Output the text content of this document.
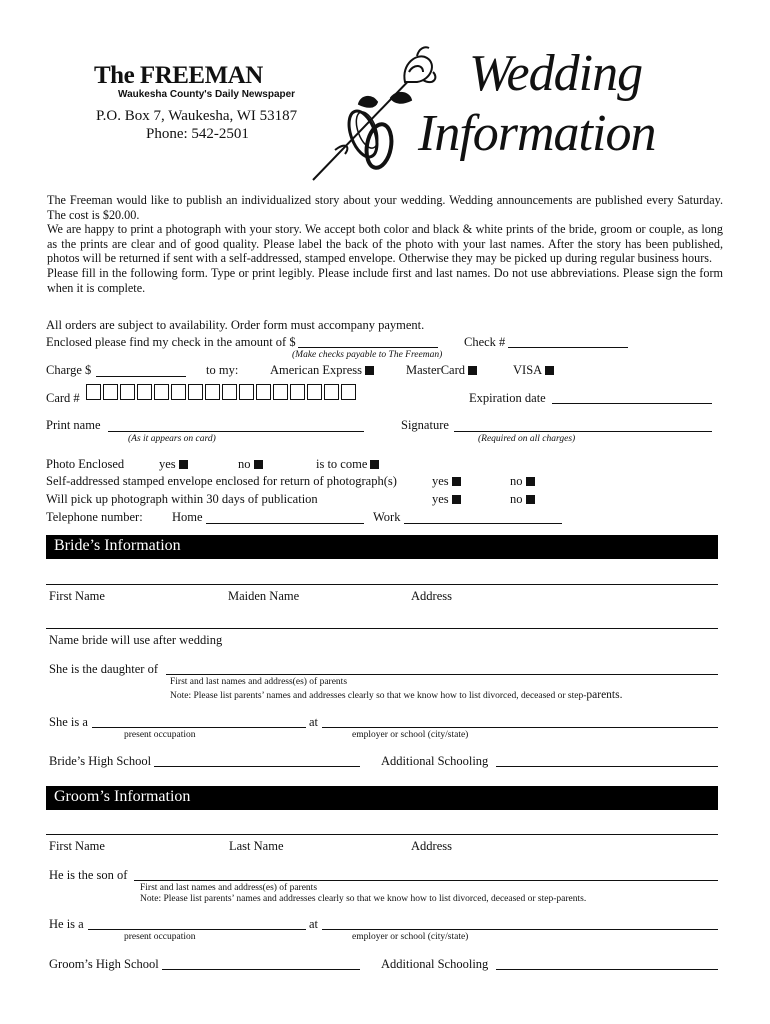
The FREEMAN
Waukesha County's Daily Newspaper
P.O. Box 7, Waukesha, WI 53187
Phone: 542-2501
Wedding
Information

The Freeman would like to publish an individualized story about your wedding. Wedding announcements are published every Saturday. The cost is $20.00.

We are happy to print a photograph with your story. We accept both color and black & white prints of the bride, groom or couple, as long as the prints are clear and of good quality. Please label the back of the photo with your last names. After the story has been published, photos will be returned if sent with a self-addressed, stamped envelope. Otherwise they may be picked up during regular business hours.

Please fill in the following form. Type or print legibly. Please include first and last names. Do not use abbreviations. Please sign the form when it is complete.

All orders are subject to availability. Order form must accompany payment.
Enclosed please find my check in the amount of $	Check #
(Make checks payable to The Freeman)
Charge $	to my:	American Express	MasterCard	VISA
Card #	Expiration date
Print name
(As it appears on card)
Signature
(Required on all charges)
Photo Enclosed	yes	no	is to come
Self-addressed stamped envelope enclosed for return of photograph(s)	yes	no
Will pick up photograph within 30 days of publication	yes	no
Telephone number: Home	Work
Bride’s Information
First Name	Maiden Name	Address
Name bride will use after wedding
She is the daughter of
First and last names and address(es) of parents
Note: Please list parents’ names and addresses clearly so that we know how to list divorced, deceased or step-parents.
She is a	at
present occupation	employer or school (city/state)
Bride’s High School	Additional Schooling
Groom’s Information
First Name	Last Name	Address
He is the son of
First and last names and address(es) of parents
Note: Please list parents’ names and addresses clearly so that we know how to list divorced, deceased or step-parents.
He is a	at
present occupation	employer or school (city/state)
Groom’s High School	Additional Schooling
